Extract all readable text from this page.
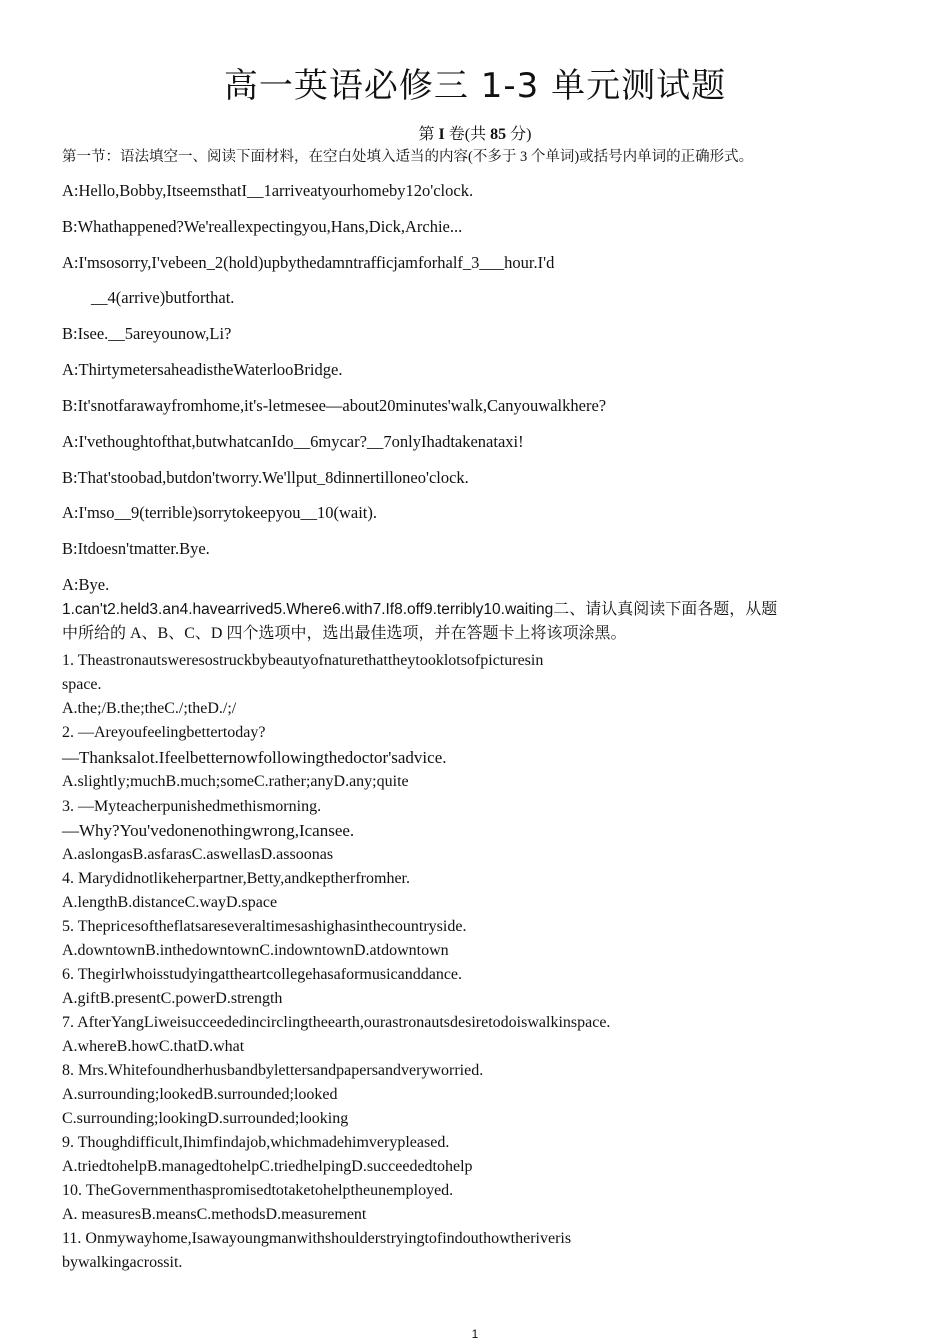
高一英语必修三 1-3 单元测试题
第 I 卷(共 85 分)
第一节：语法填空一、阅读下面材料，在空白处填入适当的内容(不多于 3 个单词)或括号内单词的正确形式。
A:Hello,Bobby,ItseemsthatI__1arriveatyourhomeby12o'clock.
B:Whathappened?We'reallexpectingyou,Hans,Dick,Archie...
A:I'msosorry,I'vebeen_2(hold)upbythedamntrafficjamforhalf_3___hour.I'd
__4(arrive)butforthat.
B:Isee.__5areyounow,Li?
A:ThirtymetersaheadistheWaterlooBridge.
B:It'snotfarawayfromhome,it's-letmesee—about20minutes'walk,Canyouwalkhere?
A:I'vethoughtofthat,butwhatcanIdo__6mycar?__7onlyIhadtakenataxi!
B:That'stoobad,butdon'tworry.We'llput_8dinnertilloneo'clock.
A:I'mso__9(terrible)sorrytokeepyou__10(wait).
B:Itdoesn'tmatter.Bye.
A:Bye.
1.can't2.held3.an4.havearrived5.Where6.with7.If8.off9.terribly10.waiting二、请认真阅读下面各题，从题
中所给的 A、B、C、D 四个选项中，选出最佳选项，并在答题卡上将该项涂黑。
1. Theastronautsweresostruckbybeautyofnaturethattheytooklotsofpicturesin
space.
A.the;/B.the;theC./;theD./;/
2. —Areyoufeelingbettertoday?
—Thanksalot.Ifeelbetternowfollowingthedoctor'sadvice.
A.slightly;muchB.much;someC.rather;anyD.any;quite
3. —Myteacherpunishedmethismorning.
—Why?You'vedonenothingwrong,Icansee.
A.aslongasB.asfarasC.aswellasD.assoonas
4. Marydidnotlikeherpartner,Betty,andkeptherfromher.
A.lengthB.distanceC.wayD.space
5. Thepricesoftheflatsareseveraltimesashighasinthecountryside.
A.downtownB.inthedowntownC.indowntownD.atdowntown
6. Thegirlwhoisstudyingattheartcollegehasaformusicanddance.
A.giftB.presentC.powerD.strength
7. AfterYangLiweisucceededincirclingtheearth,ourastronautsdesiretodoiswalkinspace.
A.whereB.howC.thatD.what
8. Mrs.Whitefoundherhusbandbylettersandpapersandveryworried.
A.surrounding;lookedB.surrounded;looked
C.surrounding;lookingD.surrounded;looking
9. Thoughdifficult,Ihimfindajob,whichmadehimverypleased.
A.triedtohelpB.managedtohelpC.triedhelpingD.succeededtohelp
10. TheGovernmenthaspromisedtotaketohelptheunemployed.
A. measuresB.meansC.methodsD.measurement
11. Onmywayhome,Isawayoungmanwithshoulderstryingtofindouthowtheriveris
bywalkingacrossit.
1
